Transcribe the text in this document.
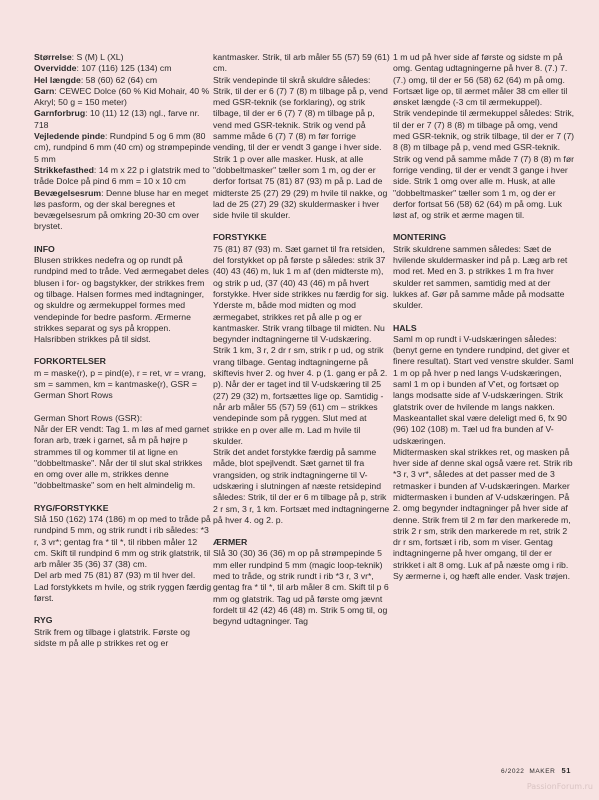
Størrelse: S (M) L (XL)

Overvidde: 107 (116) 125 (134) cm

Hel længde: 58 (60) 62 (64) cm

Garn: CEWEC Dolce (60 % Kid Mohair, 40 % Akryl; 50 g = 150 meter)

Garnforbrug: 10 (11) 12 (13) ngl., farve nr. 718

Vejledende pinde: Rundpind 5 og 6 mm (80 cm), rundpind 6 mm (40 cm) og strømpepinde 5 mm

Strikkefasthed: 14 m x 22 p i glatstrik med to tråde Dolce på pind 6 mm = 10 x 10 cm

Bevægelsesrum: Denne bluse har en meget løs pasform, og der skal beregnes et bevægelsesrum på omkring 20-30 cm over brystet.

INFO

Blusen strikkes nedefra og op rundt på rundpind med to tråde. Ved ærmegabet deles blusen i for- og bagstykker, der strikkes frem og tilbage. Halsen formes med indtagninger, og skuldre og ærmekuppel formes med vendepinde for bedre pasform. Ærmerne strikkes separat og sys på kroppen. Halsribben strikkes på til sidst.

FORKORTELSER

m = maske(r), p = pind(e), r = ret, vr = vrang, sm = sammen, km = kantmaske(r), GSR = German Short Rows

German Short Rows (GSR):

Når der ER vendt: Tag 1. m løs af med garnet foran arb, træk i garnet, så m på højre p strammes til og kommer til at ligne en "dobbeltmaske". Når der til slut skal strikkes en omg over alle m, strikkes denne "dobbeltmaske" som en helt almindelig m.

RYG/FORSTYKKE

Slå 150 (162) 174 (186) m op med to tråde på rundpind 5 mm, og strik rundt i rib således: *3 r, 3 vr*; gentag fra * til *, til ribben måler 12 cm. Skift til rundpind 6 mm og strik glatstrik, til arb måler 35 (36) 37 (38) cm.
Del arb med 75 (81) 87 (93) m til hver del. Lad forstykkets m hvile, og strik ryggen færdig først.

RYG

Strik frem og tilbage i glatstrik. Første og sidste m på alle p strikkes ret og er

kantmasker. Strik, til arb måler 55 (57) 59 (61) cm.
Strik vendepinde til skrå skuldre således: Strik, til der er 6 (7) 7 (8) m tilbage på p, vend med GSR-teknik (se forklaring), og strik tilbage, til der er 6 (7) 7 (8) m tilbage på p, vend med GSR-teknik. Strik og vend på samme måde 6 (7) 7 (8) m før forrige vending, til der er vendt 3 gange i hver side. Strik 1 p over alle masker. Husk, at alle "dobbeltmasker" tæller som 1 m, og der er derfor fortsat 75 (81) 87 (93) m på p. Lad de midterste 25 (27) 29 (29) m hvile til nakke, og lad de 25 (27) 29 (32) skuldermasker i hver side hvile til skulder.

FORSTYKKE

75 (81) 87 (93) m. Sæt garnet til fra retsiden, del forstykket op på første p således: strik 37 (40) 43 (46) m, luk 1 m af (den midterste m), og strik p ud, (37 (40) 43 (46) m på hvert forstykke. Hver side strikkes nu færdig for sig.
Yderste m, både mod midten og mod ærmegabet, strikkes ret på alle p og er kantmasker. Strik vrang tilbage til midten. Nu begynder indtagningerne til V-udskæring. Strik 1 km, 3 r, 2 dr r sm, strik r p ud, og strik vrang tilbage. Gentag indtagningerne på skiftevis hver 2. og hver 4. p (1. gang er på 2. p). Når der er taget ind til V-udskæring til 25 (27) 29 (32) m, fortsættes lige op. Samtidig - når arb måler 55 (57) 59 (61) cm – strikkes vendepinde som på ryggen. Slut med at strikke en p over alle m. Lad m hvile til skulder.
Strik det andet forstykke færdig på samme måde, blot spejlvendt. Sæt garnet til fra vrangsiden, og strik indtagningerne til V-udskæring i slutningen af næste retsidepind således: Strik, til der er 6 m tilbage på p, strik 2 r sm, 3 r, 1 km. Fortsæt med indtagningerne på hver 4. og 2. p.

ÆRMER

Slå 30 (30) 36 (36) m op på strømpepinde 5 mm eller rundpind 5 mm (magic loop-teknik) med to tråde, og strik rundt i rib *3 r, 3 vr*, gentag fra * til *, til arb måler 8 cm. Skift til p 6 mm og glatstrik. Tag ud på første omg jævnt fordelt til 42 (42) 46 (48) m. Strik 5 omg til, og begynd udtagninger. Tag

1 m ud på hver side af første og sidste m på omg. Gentag udtagningerne på hver 8. (7.) 7. (7.) omg, til der er 56 (58) 62 (64) m på omg.
Fortsæt lige op, til ærmet måler 38 cm eller til ønsket længde (-3 cm til ærmekuppel).
Strik vendepinde til ærmekuppel således: Strik, til der er 7 (7) 8 (8) m tilbage på omg, vend med GSR-teknik, og strik tilbage, til der er 7 (7) 8 (8) m tilbage på p, vend med GSR-teknik. Strik og vend på samme måde 7 (7) 8 (8) m før forrige vending, til der er vendt 3 gange i hver side. Strik 1 omg over alle m. Husk, at alle "dobbeltmasker" tæller som 1 m, og der er derfor fortsat 56 (58) 62 (64) m på omg. Luk løst af, og strik et ærme magen til.

MONTERING

Strik skuldrene sammen således: Sæt de hvilende skuldermasker ind på p. Læg arb ret mod ret. Med en 3. p strikkes 1 m fra hver skulder ret sammen, samtidig med at der lukkes af. Gør på samme måde på modsatte skulder.

HALS

Saml m op rundt i V-udskæringen således: (benyt gerne en tyndere rundpind, det giver et finere resultat). Start ved venstre skulder. Saml 1 m op på hver p ned langs V-udskæringen, saml 1 m op i bunden af V'et, og fortsæt op langs modsatte side af V-udskæringen. Strik glatstrik over de hvilende m langs nakken.
Maskeantallet skal være deleligt med 6, fx 90 (96) 102 (108) m. Tæl ud fra bunden af V-udskæringen.
Midtermasken skal strikkes ret, og masken på hver side af denne skal også være ret. Strik rib *3 r, 3 vr*, således at det passer med de 3 retmasker i bunden af V-udskæringen. Marker midtermasken i bunden af V-udskæringen. På 2. omg begynder indtagninger på hver side af denne. Strik frem til 2 m før den markerede m, strik 2 r sm, strik den markerede m ret, strik 2 dr r sm, fortsæt i rib, som m viser. Gentag indtagningerne på hver omgang, til der er strikket i alt 8 omg. Luk af på næste omg i rib.
Sy ærmerne i, og hæft alle ender. Vask trøjen.

6/2022  MAKER 51
PassionForum.ru
